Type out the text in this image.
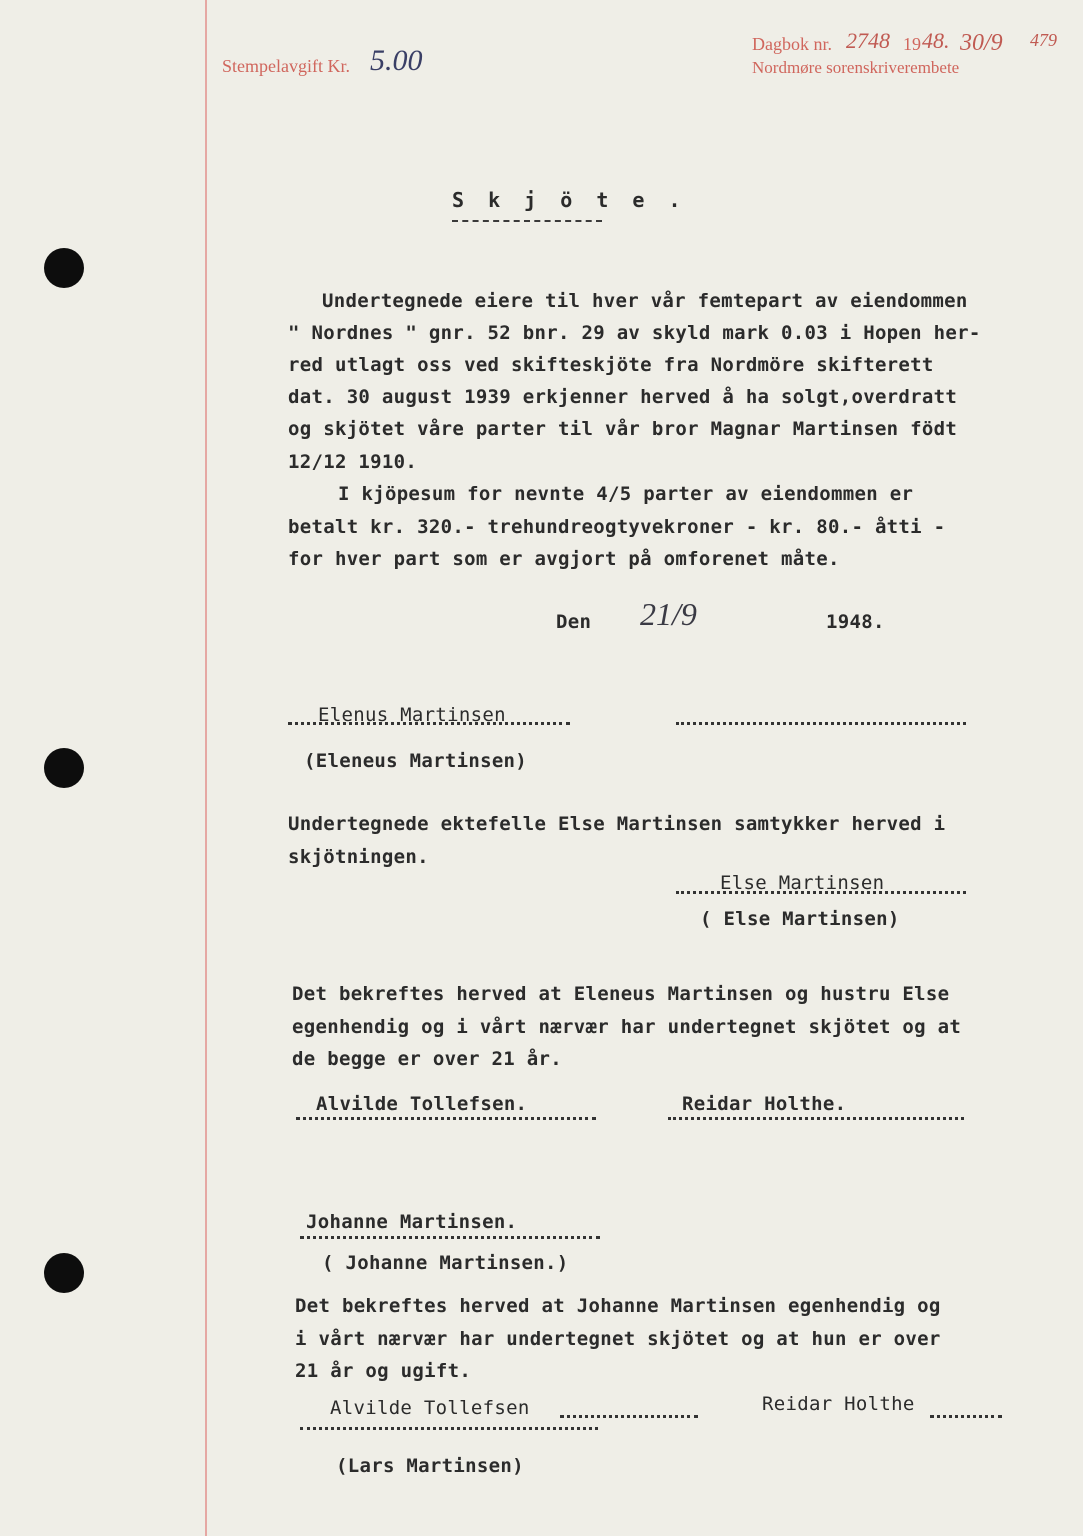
Stempelavgift Kr. 5.00	Dagbok nr. 2748 19 48. 30/9 479
Nordmøre sorenskriverembete
S k j ö t e .
Undertegnede eiere til hver vår femtepart av eiendommen
" Nordnes " gnr. 52 bnr. 29 av skyld mark 0.03 i Hopen her-
red utlagt oss ved skifteskjöte fra Nordmöre skifterett
dat. 30 august 1939 erkjenner herved å ha solgt,overdratt
og skjötet våre parter til vår bror Magnar Martinsen födt
12/12 1910.
I kjöpesum for nevnte 4/5 parter av eiendommen er
betalt kr. 320.- trehundreogtyvekroner - kr. 80.- åtti -
for hver part som er avgjort på omforenet måte.
Den 21/9	1948.
Elenus Martinsen
(Eleneus Martinsen)
Undertegnede ektefelle Else Martinsen samtykker herved i
skjötningen.
Else Martinsen
( Else Martinsen)
Det bekreftes herved at Eleneus Martinsen og hustru Else
egenhendig og i vårt nærvær har undertegnet skjötet og at
de begge er over 21 år.
Alvilde Tollefsen.	Reidar Holthe.
Johanne Martinsen.
( Johanne Martinsen.)
Det bekreftes herved at Johanne Martinsen egenhendig og
i vårt nærvær har undertegnet skjötet og at hun er over
21 år og ugift.
Alvilde Tollefsen	Reidar Holthe
(Lars Martinsen)
